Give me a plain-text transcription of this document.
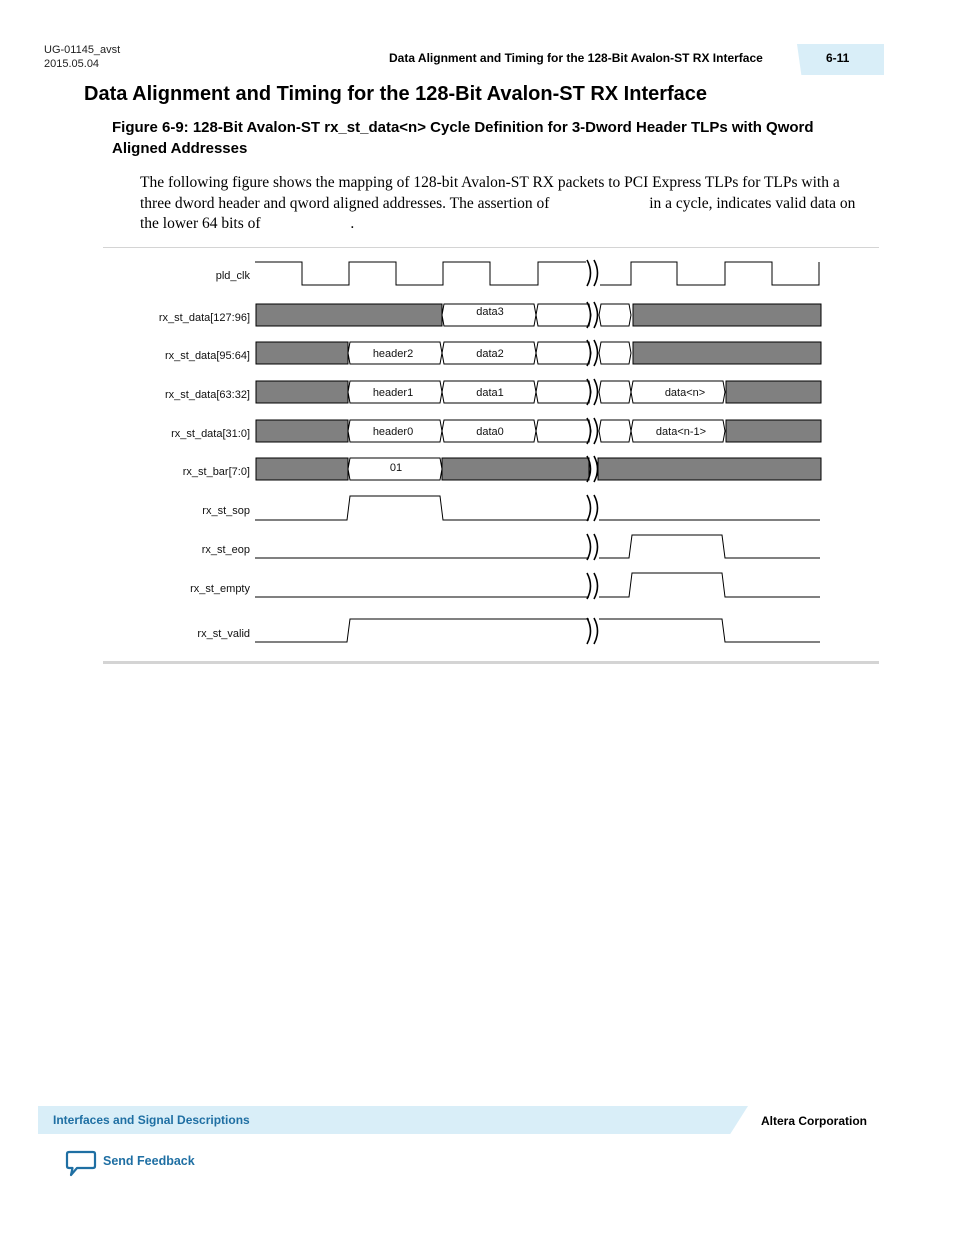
UG-01145_avst
2015.05.04	Data Alignment and Timing for the 128-Bit Avalon-ST RX Interface	6-11
Data Alignment and Timing for the 128-Bit Avalon-ST RX Interface
Figure 6-9: 128-Bit Avalon-ST rx_st_data<n> Cycle Definition for 3-Dword Header TLPs with Qword Aligned Addresses
The following figure shows the mapping of 128-bit Avalon-ST RX packets to PCI Express TLPs for TLPs with a three dword header and qword aligned addresses. The assertion of	in a cycle, indicates valid data on the lower 64 bits of	.
pld_clk
rx_st_data[127:96]
rx_st_data[95:64]
rx_st_data[63:32]
rx_st_data[31:0]
rx_st_bar[7:0]
rx_st_sop
rx_st_eop
rx_st_empty
rx_st_valid
data3
header2	data2
header1	data1	data<n>
header0	data0	data<n-1>
01
Interfaces and Signal Descriptions	Altera Corporation
Send Feedback
